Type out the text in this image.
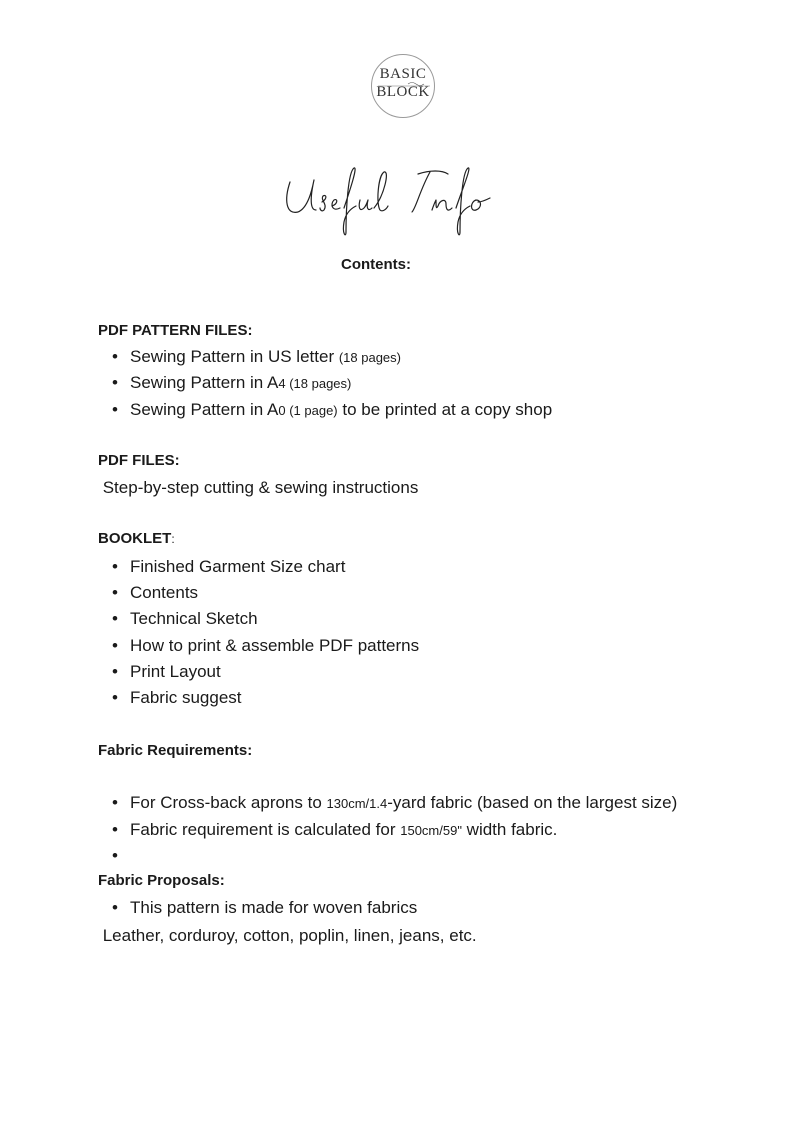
BASIC
BLOCK
Contents:
PDF PATTERN FILES:
• Sewing Pattern in US letter (18 pages)
• Sewing Pattern in A4 (18 pages)
• Sewing Pattern in A0 (1 page) to be printed at a copy shop
PDF FILES:
Step-by-step cutting & sewing instructions
BOOKLET:
• Finished Garment Size chart
• Contents
• Technical Sketch
• How to print & assemble PDF patterns
• Print Layout
• Fabric suggest
Fabric Requirements:
• For Cross-back aprons to 130cm/1.4-yard fabric (based on the largest size)
• Fabric requirement is calculated for 150cm/59" width fabric.
•
Fabric Proposals:
• This pattern is made for woven fabrics
Leather, corduroy, cotton, poplin, linen, jeans, etc.
